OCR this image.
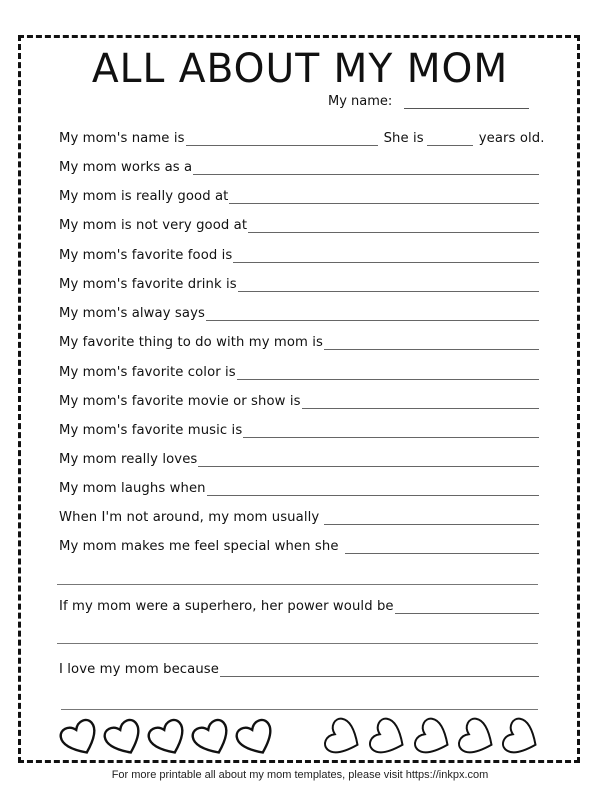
ALL ABOUT MY MOM
My name:
My mom's name is	She is	years old.
My mom works as a
My mom is really good at
My mom is not very good at
My mom's favorite food is
My mom's favorite drink is
My mom's alway says
My favorite thing to do with my mom is
My mom's favorite color is
My mom's favorite movie or show is
My mom's favorite music is
My mom really loves
My mom laughs when
When I'm not around, my mom usually
My mom makes me feel special when she
If my mom were a superhero, her power would be
I love my mom because
For more printable all about my mom templates, please visit https://inkpx.com
